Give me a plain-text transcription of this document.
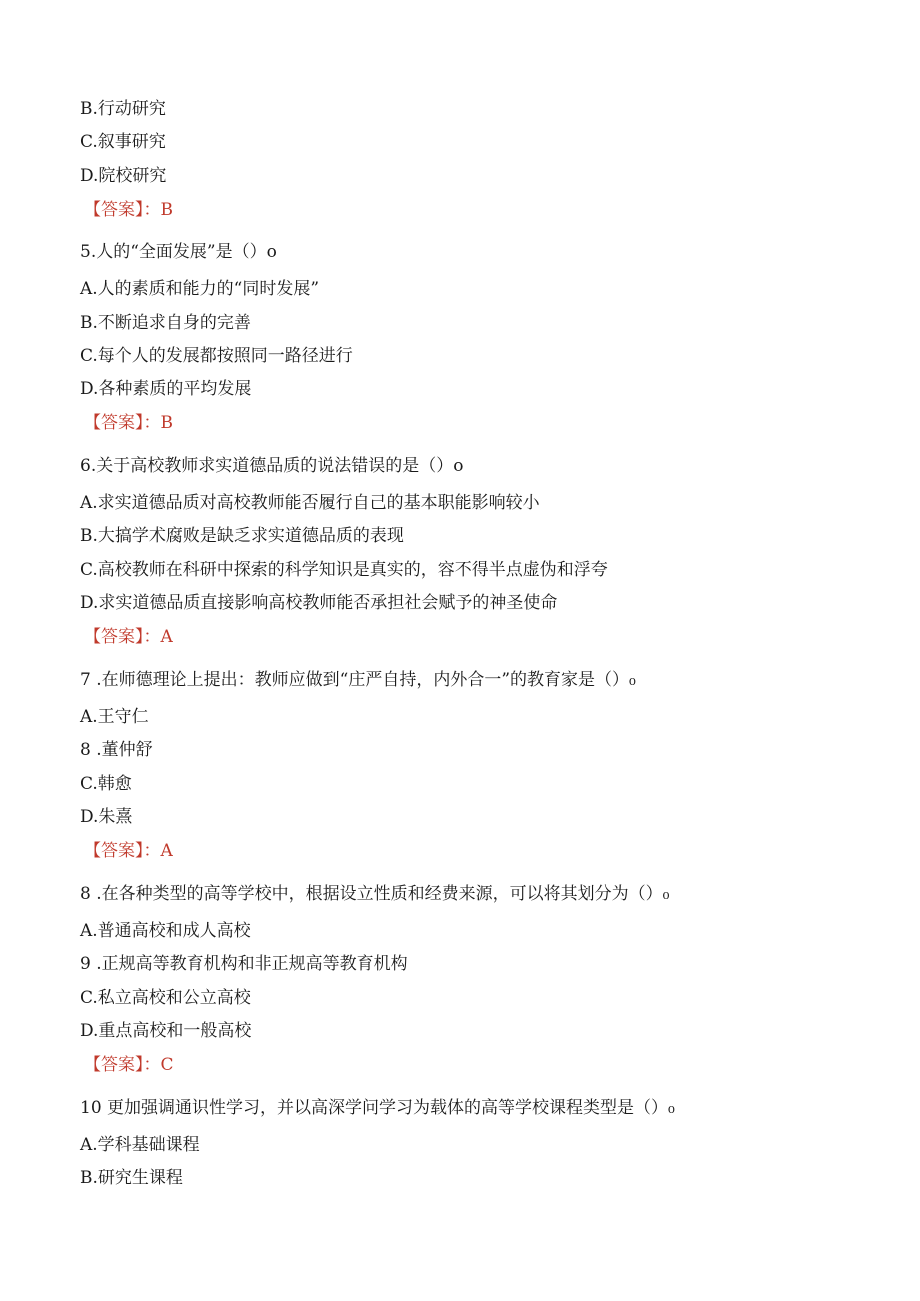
B.行动研究
C.叙事研究
D.院校研究
【答案】：B
5.人的“全面发展”是（）o
A.人的素质和能力的“同时发展”
B.不断追求自身的完善
C.每个人的发展都按照同一路径进行
D.各种素质的平均发展
【答案】：B
6.关于高校教师求实道德品质的说法错误的是（）o
A.求实道德品质对高校教师能否履行自己的基本职能影响较小
B.大搞学术腐败是缺乏求实道德品质的表现
C.高校教师在科研中探索的科学知识是真实的，容不得半点虚伪和浮夸
D.求实道德品质直接影响高校教师能否承担社会赋予的神圣使命
【答案】：A
7 .在师德理论上提出：教师应做到“庄严自持，内外合一”的教育家是（）₀
A.王守仁
8 .董仲舒
C.韩愈
D.朱熹
【答案】：A
8 .在各种类型的高等学校中，根据设立性质和经费来源，可以将其划分为（）₀
A.普通高校和成人高校
9 .正规高等教育机构和非正规高等教育机构
C.私立高校和公立高校
D.重点高校和一般高校
【答案】：C
10 更加强调通识性学习，并以高深学问学习为载体的高等学校课程类型是（）₀
A.学科基础课程
B.研究生课程
